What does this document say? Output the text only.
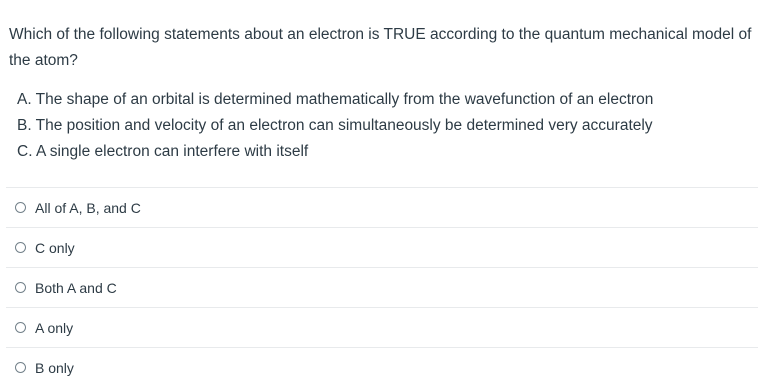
Which of the following statements about an electron is TRUE according to the quantum mechanical model of the atom?
A. The shape of an orbital is determined mathematically from the wavefunction of an electron
B. The position and velocity of an electron can simultaneously be determined very accurately
C. A single electron can interfere with itself
All of A, B, and C
C only
Both A and C
A only
B only
